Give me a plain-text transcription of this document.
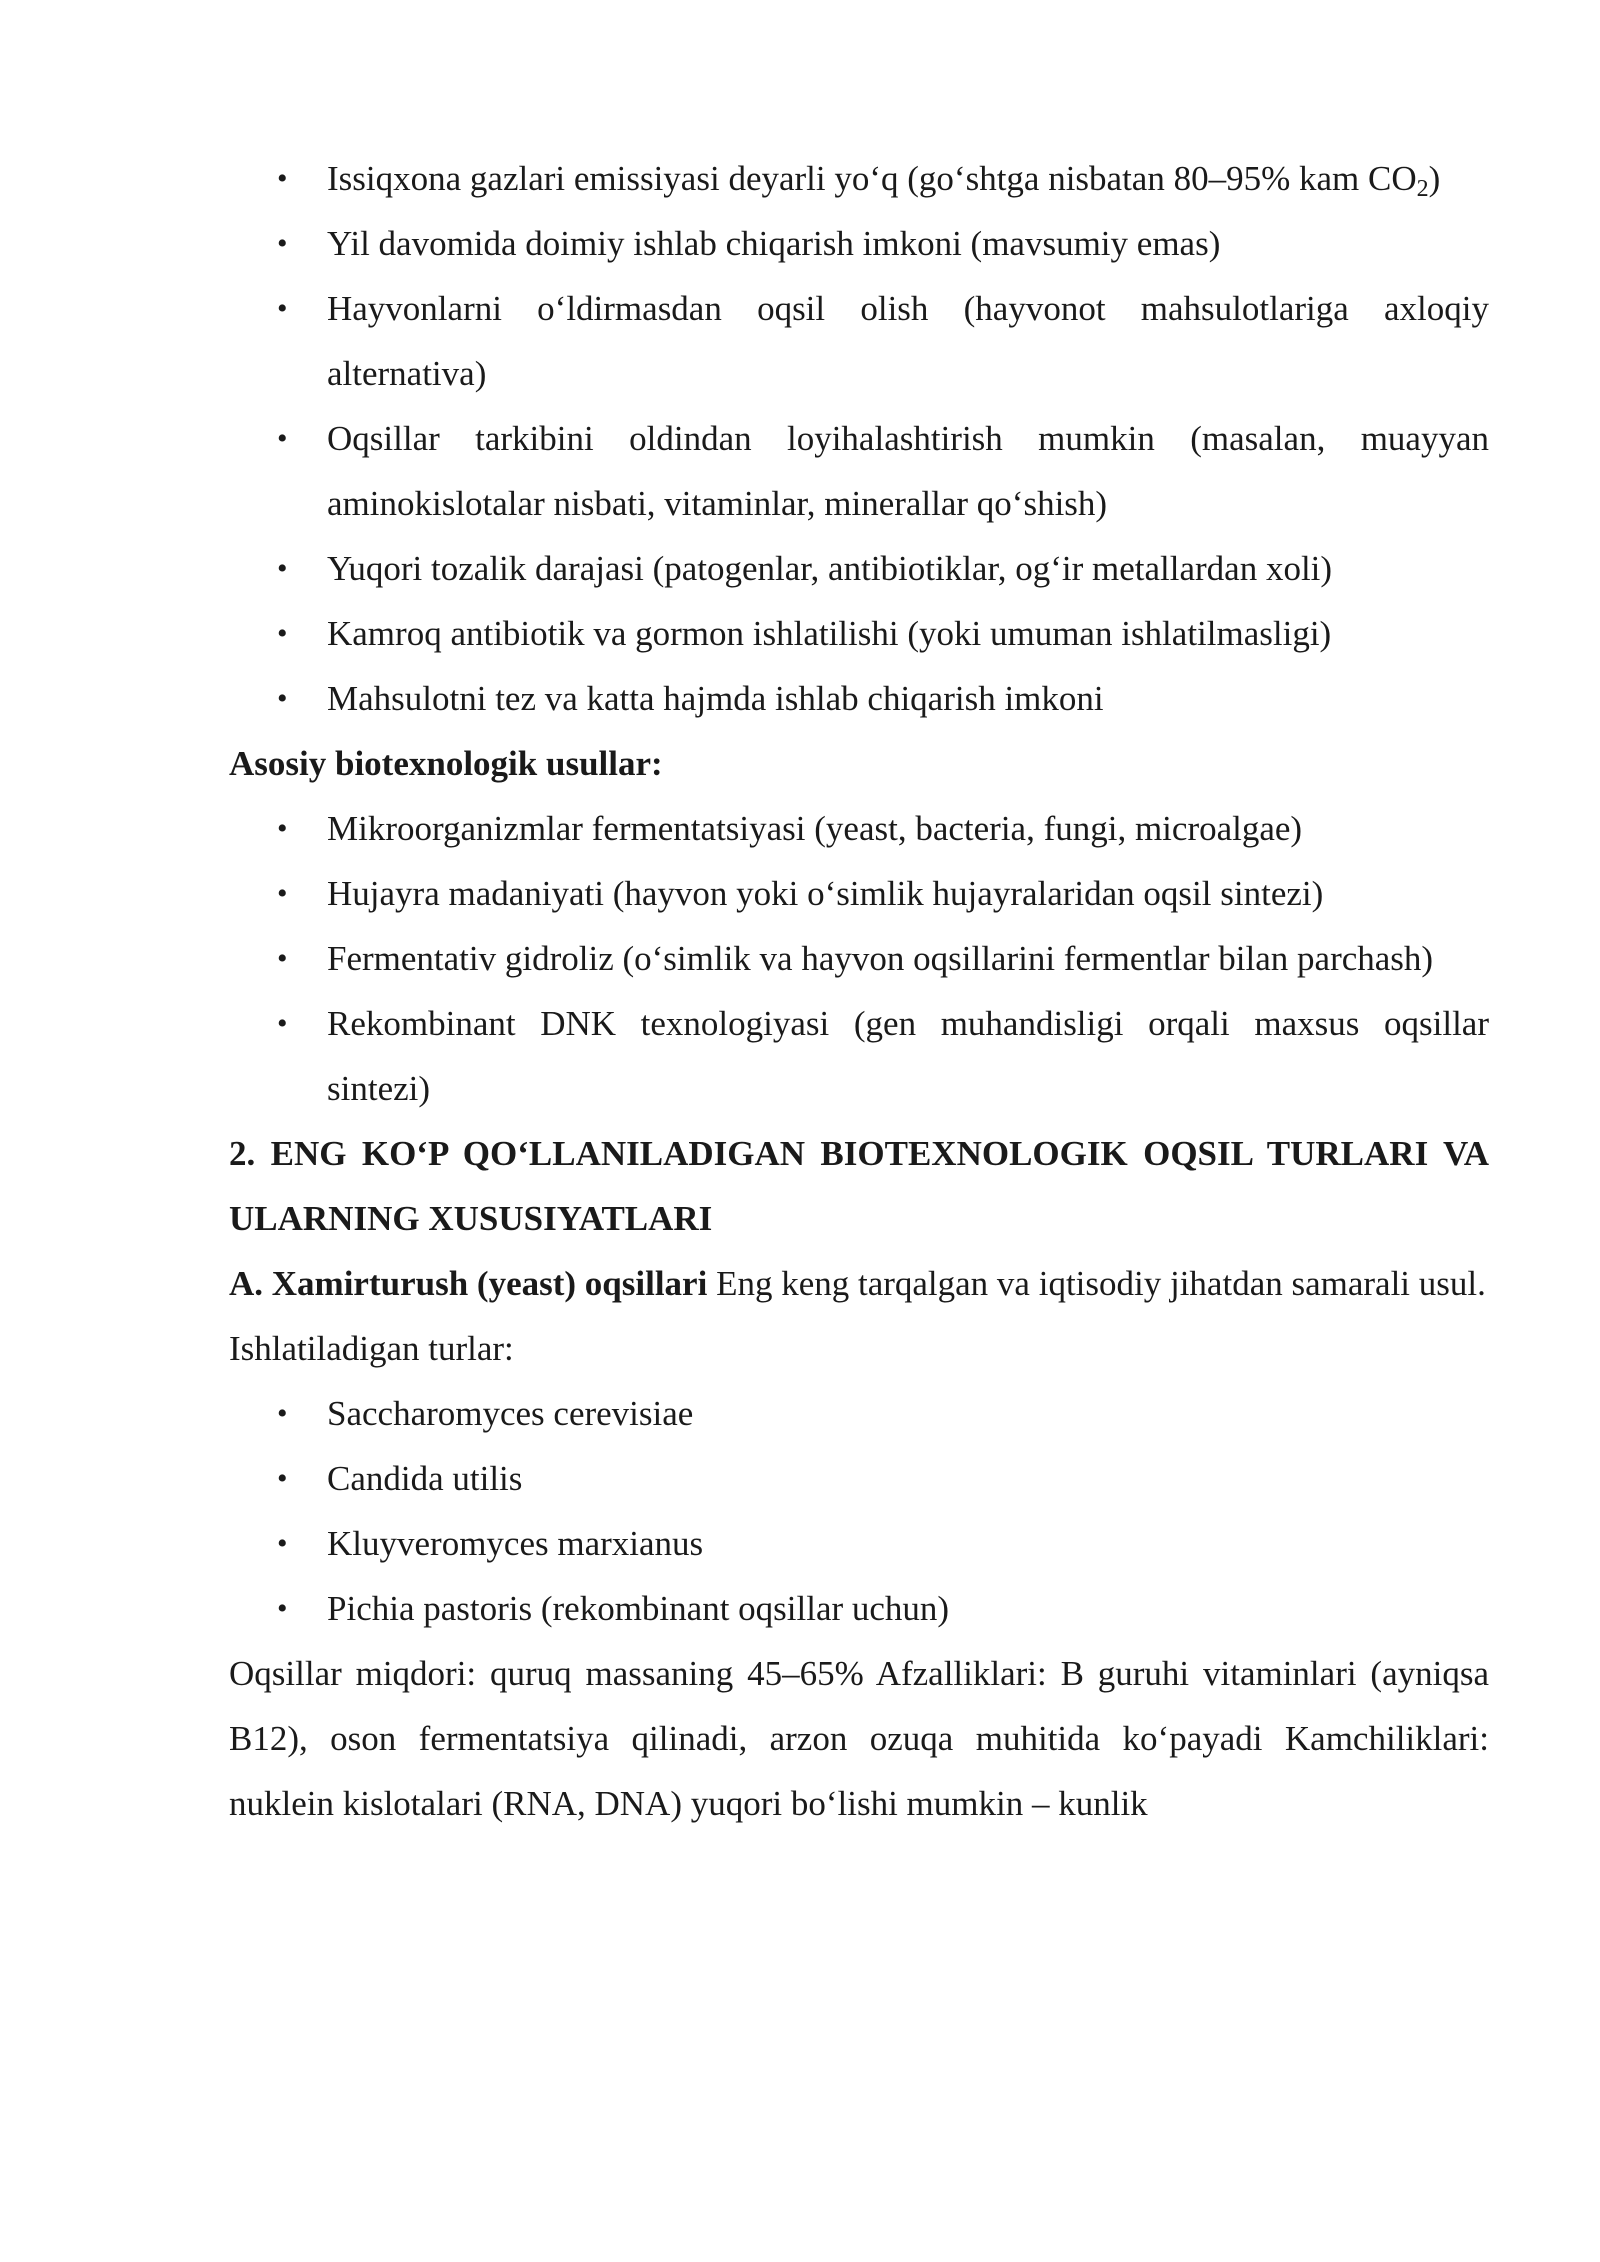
• Issiqxona gazlari emissiyasi deyarli yo‘q (go‘shtga nisbatan 80–95% kam $CO_2$)
• Yil davomida doimiy ishlab chiqarish imkoni (mavsumiy emas)
• Hayvonlarni o‘ldirmasdan oqsil olish (hayvonot mahsulotlariga axloqiy alternativa)
• Oqsillar tarkibini oldindan loyihalashtirish mumkin (masalan, muayyan aminokislotalar nisbati, vitaminlar, minerallar qo‘shish)
• Yuqori tozalik darajasi (patogenlar, antibiotiklar, og‘ir metallardan xoli)
• Kamroq antibiotik va gormon ishlatilishi (yoki umuman ishlatilmasligi)
• Mahsulotni tez va katta hajmda ishlab chiqarish imkoni

Asosiy biotexnologik usullar:

• Mikroorganizmlar fermentatsiyasi (yeast, bacteria, fungi, microalgae)
• Hujayra madaniyati (hayvon yoki o‘simlik hujayralaridan oqsil sintezi)
• Fermentativ gidroliz (o‘simlik va hayvon oqsillarini fermentlar bilan parchash)
• Rekombinant DNK texnologiyasi (gen muhandisligi orqali maxsus oqsillar sintezi)

2. ENG KO‘P QO‘LLANILADIGAN BIOTEXNOLOGIK OQSIL TURLARI VA ULARNING XUSUSIYATLARI

A. Xamirturush (yeast) oqsillari Eng keng tarqalgan va iqtisodiy jihatdan samarali usul.

Ishlatiladigan turlar:

• Saccharomyces cerevisiae
• Candida utilis
• Kluyveromyces marxianus
• Pichia pastoris (rekombinant oqsillar uchun)

Oqsillar miqdori: quruq massaning 45–65% Afzalliklari: B guruhi vitaminlari (ayniqsa B12), oson fermentatsiya qilinadi, arzon ozuqa muhitida ko‘payadi Kamchiliklari: nuklein kislotalari (RNA, DNA) yuqori bo‘lishi mumkin – kunlik
